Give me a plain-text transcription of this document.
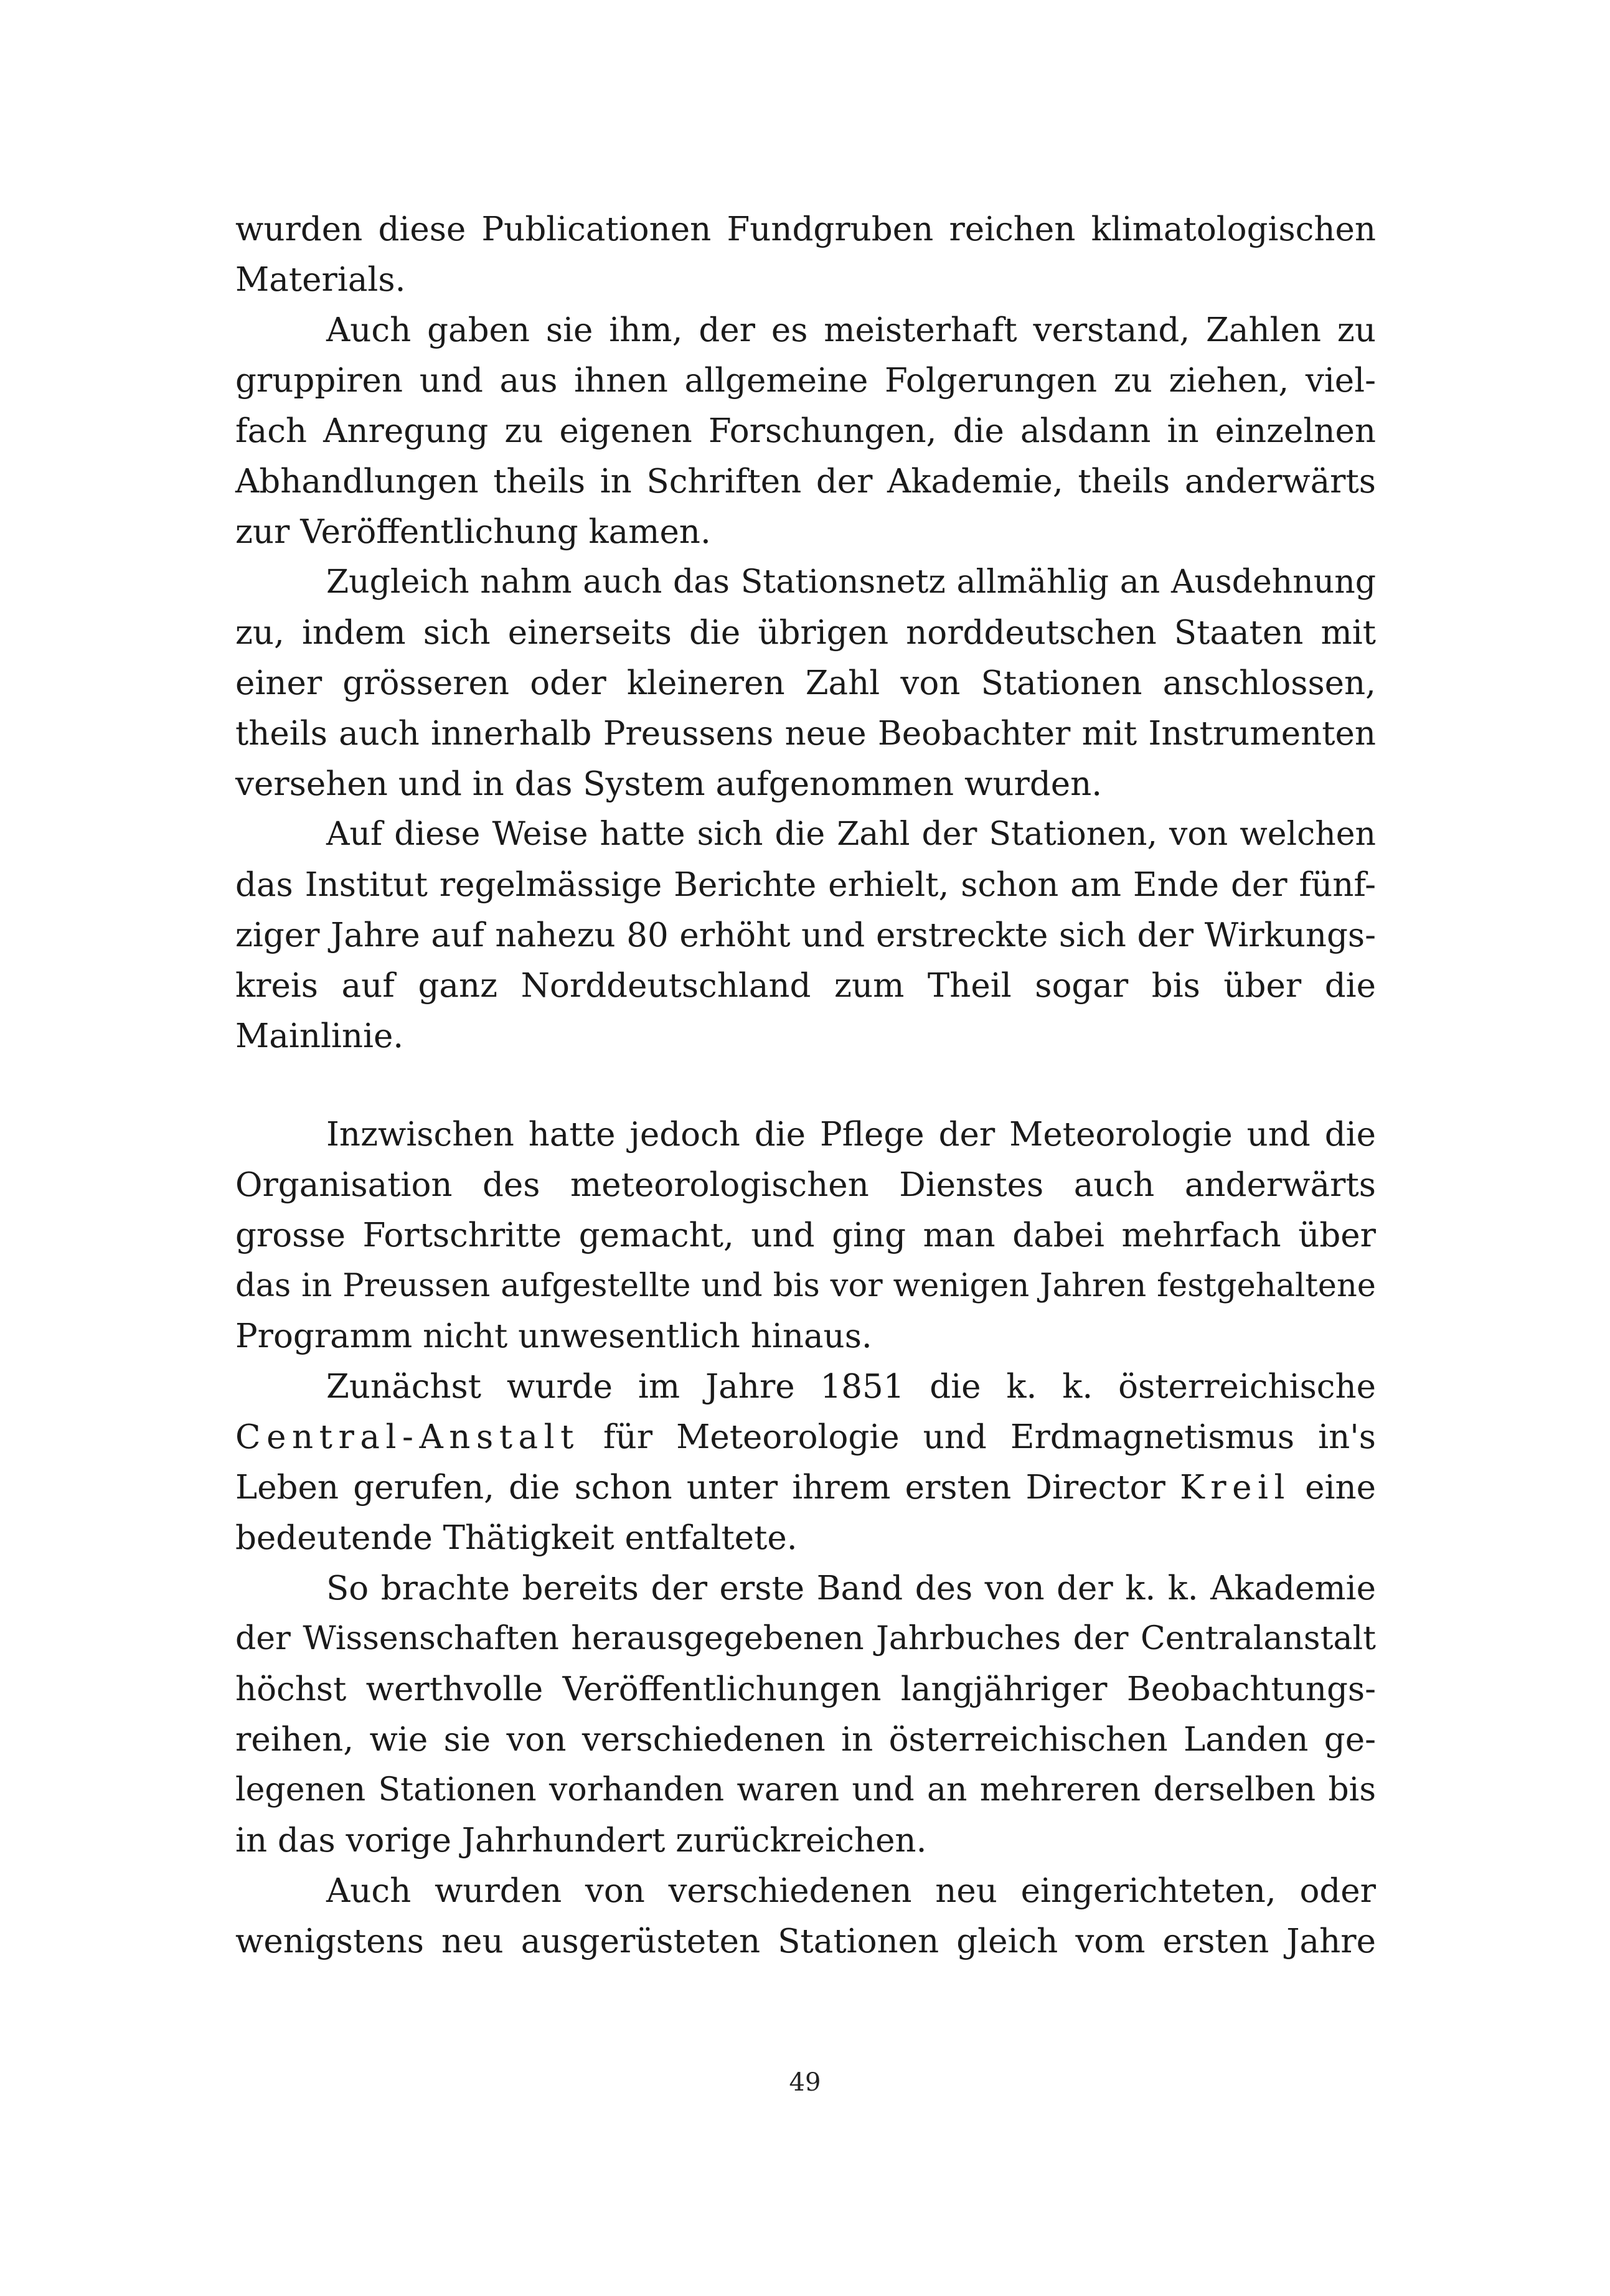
wurden diese Publicationen Fundgruben reichen klimatologischen
Materials.

Auch gaben sie ihm, der es meisterhaft verstand, Zahlen zu
gruppiren und aus ihnen allgemeine Folgerungen zu ziehen, viel-
fach Anregung zu eigenen Forschungen, die alsdann in einzelnen
Abhandlungen theils in Schriften der Akademie, theils anderwärts
zur Veröffentlichung kamen.

Zugleich nahm auch das Stationsnetz allmählig an Ausdehnung
zu, indem sich einerseits die übrigen norddeutschen Staaten mit
einer grösseren oder kleineren Zahl von Stationen anschlossen,
theils auch innerhalb Preussens neue Beobachter mit Instrumenten
versehen und in das System aufgenommen wurden.

Auf diese Weise hatte sich die Zahl der Stationen, von welchen
das Institut regelmässige Berichte erhielt, schon am Ende der fünf-
ziger Jahre auf nahezu 80 erhöht und erstreckte sich der Wirkungs-
kreis auf ganz Norddeutschland zum Theil sogar bis über die
Mainlinie.

Inzwischen hatte jedoch die Pflege der Meteorologie und die
Organisation des meteorologischen Dienstes auch anderwärts
grosse Fortschritte gemacht, und ging man dabei mehrfach über
das in Preussen aufgestellte und bis vor wenigen Jahren festgehaltene
Programm nicht unwesentlich hinaus.

Zunächst wurde im Jahre 1851 die k. k. österreichische
Central-Anstalt für Meteorologie und Erdmagnetismus in's
Leben gerufen, die schon unter ihrem ersten Director Kreil eine
bedeutende Thätigkeit entfaltete.

So brachte bereits der erste Band des von der k. k. Akademie
der Wissenschaften herausgegebenen Jahrbuches der Centralanstalt
höchst werthvolle Veröffentlichungen langjähriger Beobachtungs-
reihen, wie sie von verschiedenen in österreichischen Landen ge-
legenen Stationen vorhanden waren und an mehreren derselben bis
in das vorige Jahrhundert zurückreichen.

Auch wurden von verschiedenen neu eingerichteten, oder
wenigstens neu ausgerüsteten Stationen gleich vom ersten Jahre

49
